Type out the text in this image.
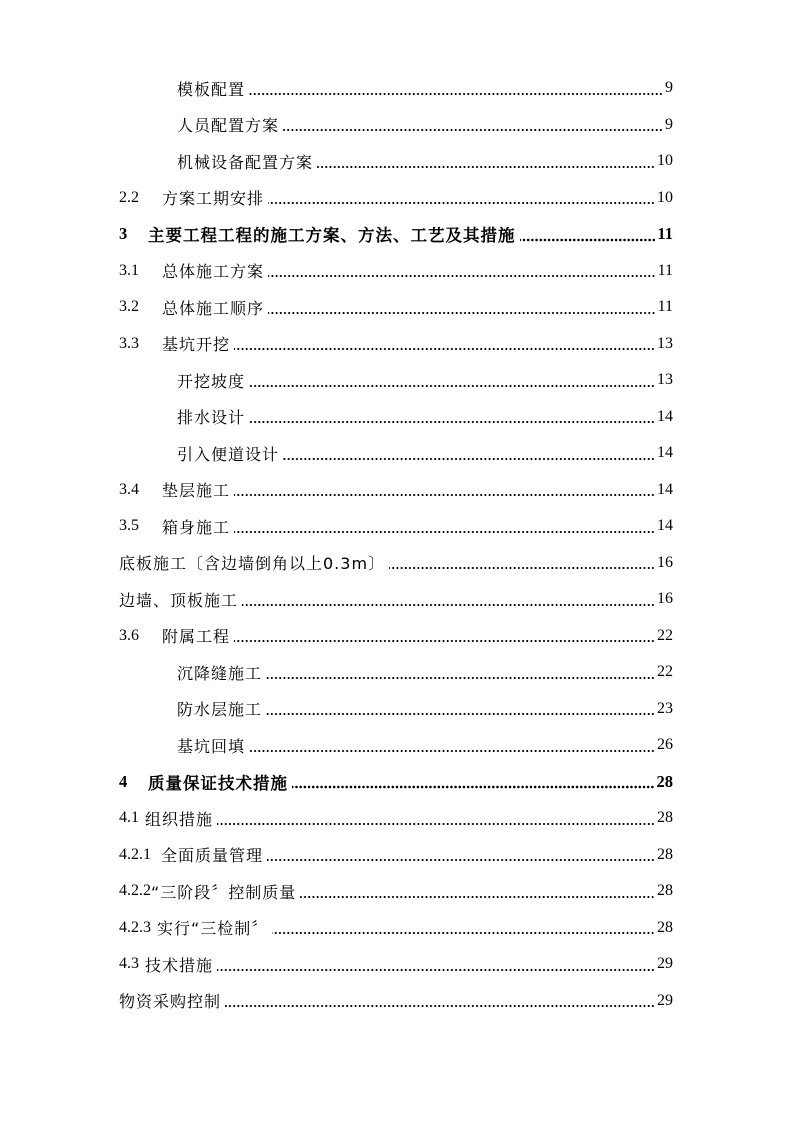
模板配置	9
人员配置方案	9
机械设备配置方案	10
2.2	方案工期安排	10
3	主要工程工程的施工方案、方法、工艺及其措施	11
3.1	总体施工方案	11
3.2	总体施工顺序	11
3.3	基坑开挖	13
开挖坡度	13
排水设计	14
引入便道设计	14
3.4	垫层施工	14
3.5	箱身施工	14
底板施工〔含边墙倒角以上0.3m〕	16
边墙、顶板施工	16
3.6	附属工程	22
沉降缝施工	22
防水层施工	23
基坑回填	26
4	质量保证技术措施	28
4.1 组织措施	28
4.2.1 全面质量管理	28
4.2.2 “三阶段〞控制质量	28
4.2.3 实行“三检制〞	28
4.3 技术措施	29
物资采购控制	29
